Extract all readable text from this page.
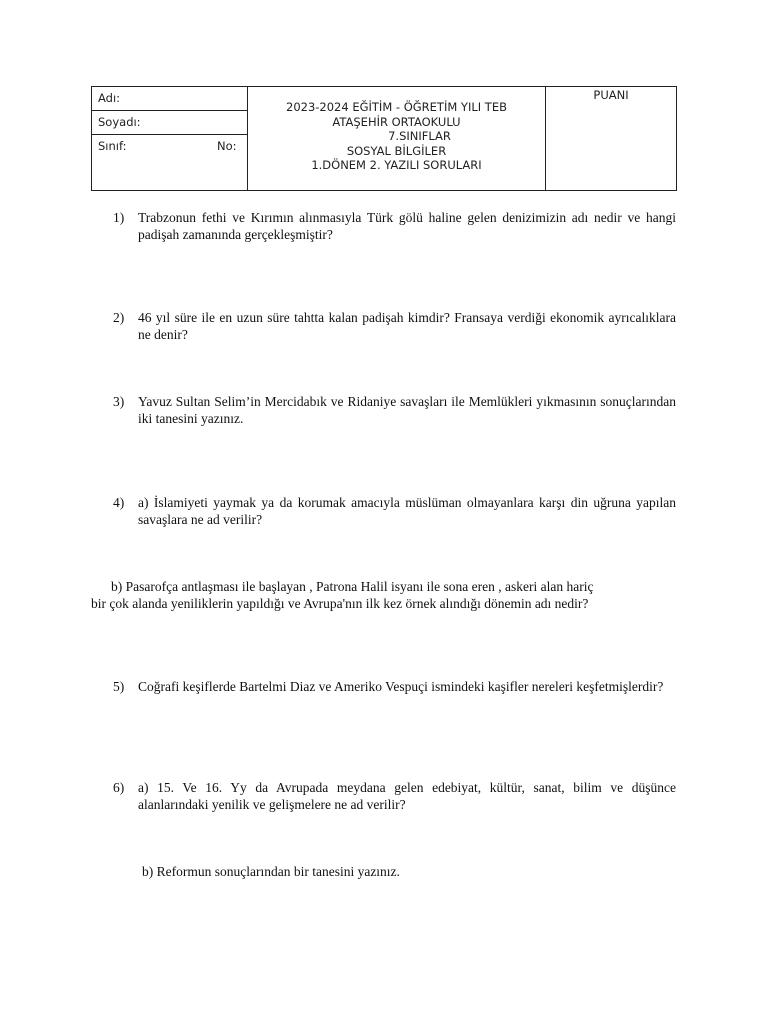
Adı:
Soyadı:
Sınıf:	No:
2023-2024 EĞİTİM - ÖĞRETİM YILI TEB
ATAŞEHİR ORTAOKULU
7.SINIFLAR
SOSYAL BİLGİLER
1.DÖNEM 2. YAZILI SORULARI
PUANI
1)	Trabzonun fethi ve Kırımın alınmasıyla Türk gölü haline gelen denizimizin adı nedir ve hangi padişah zamanında gerçekleşmiştir?
2)	46 yıl süre ile en uzun süre tahtta kalan padişah kimdir? Fransaya verdiği ekonomik ayrıcalıklara ne denir?
3)	Yavuz Sultan Selim’in Mercidabık ve Ridaniye savaşları ile Memlükleri yıkmasının sonuçlarından iki tanesini yazınız.
4)	a) İslamiyeti yaymak ya da korumak amacıyla müslüman olmayanlara karşı din uğruna yapılan savaşlara ne ad verilir?
b) Pasarofça antlaşması ile başlayan , Patrona Halil isyanı ile sona eren , askeri alan hariç
bir çok alanda yeniliklerin yapıldığı ve Avrupa'nın ilk kez örnek alındığı dönemin adı nedir?
5)	Coğrafi keşiflerde Bartelmi Diaz ve Ameriko Vespuçi ismindeki kaşifler nereleri keşfetmişlerdir?
6)	a) 15. Ve 16. Yy da Avrupada meydana gelen edebiyat, kültür, sanat, bilim ve düşünce alanlarındaki yenilik ve gelişmelere ne ad verilir?
b) Reformun sonuçlarından bir tanesini yazınız.
